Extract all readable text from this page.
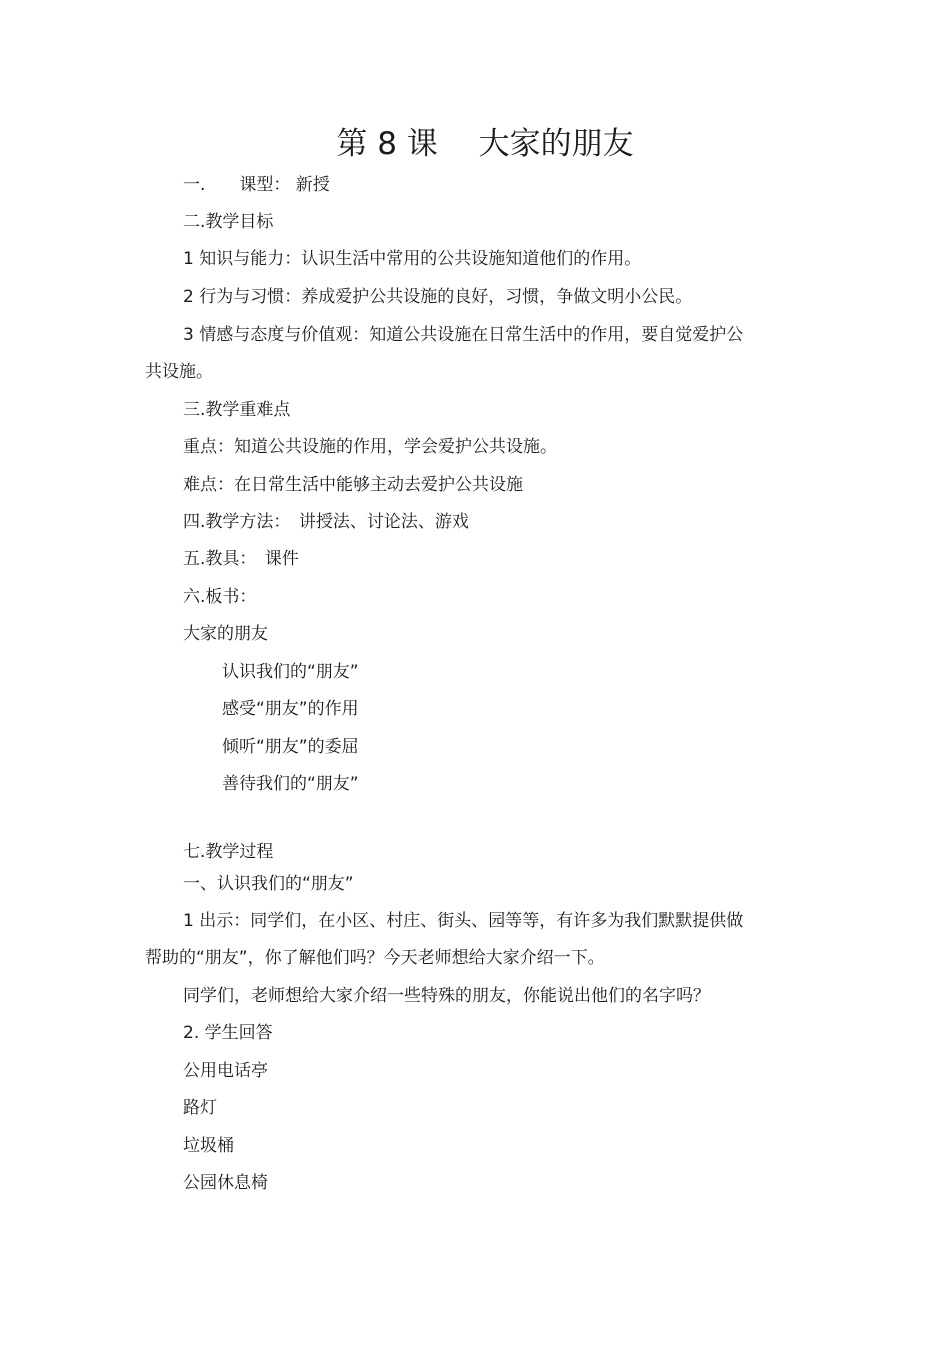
第 8 课　 大家的朋友
一.　　课型： 新授
二.教学目标
1 知识与能力：认识生活中常用的公共设施知道他们的作用。
2 行为与习惯：养成爱护公共设施的良好，习惯，争做文明小公民。
3 情感与态度与价值观：知道公共设施在日常生活中的作用，要自觉爱护公
共设施。
三.教学重难点
重点：知道公共设施的作用，学会爱护公共设施。
难点：在日常生活中能够主动去爱护公共设施
四.教学方法：　讲授法、讨论法、游戏
五.教具：　课件
六.板书：
大家的朋友
认识我们的“朋友”
感受“朋友”的作用
倾听“朋友”的委屈
善待我们的“朋友”
七.教学过程
一、认识我们的“朋友”
1 出示：同学们，在小区、村庄、街头、园等等，有许多为我们默默提供做
帮助的“朋友”，你了解他们吗？今天老师想给大家介绍一下。
同学们，老师想给大家介绍一些特殊的朋友，你能说出他们的名字吗？
2. 学生回答
公用电话亭
路灯
垃圾桶
公园休息椅
